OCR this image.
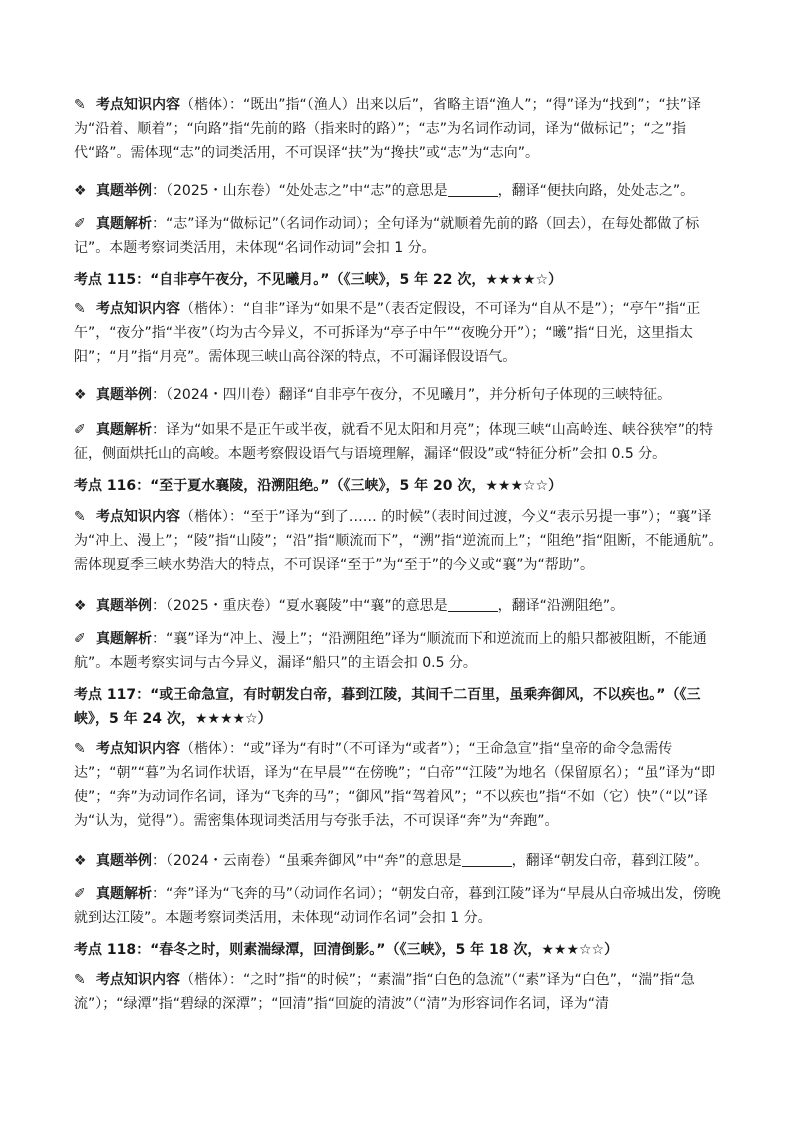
✎ 考点知识内容（楷体）：“既出”指“（渔人）出来以后”，省略主语“渔人”；“得”译为“找到”；“扶”译为“沿着、顺着”；“向路”指“先前的路（指来时的路）”；“志”为名词作动词，译为“做标记”；“之”指代“路”。需体现“志”的词类活用，不可误译“扶”为“搀扶”或“志”为“志向”。
❖ 真题举例：（2025・山东卷）“处处志之”中“志”的意思是	，翻译“便扶向路，处处志之”。
✐ 真题解析：“志”译为“做标记”（名词作动词）；全句译为“就顺着先前的路（回去），在每处都做了标记”。本题考察词类活用，未体现“名词作动词”会扣 1 分。
考点 115：“自非亭午夜分，不见曦月。”（《三峡》，5 年 22 次，★★★★☆）
✎ 考点知识内容（楷体）：“自非”译为“如果不是”（表否定假设，不可译为“自从不是”）；“亭午”指“正午”，“夜分”指“半夜”（均为古今异义，不可拆译为“亭子中午”“夜晚分开”）；“曦”指“日光，这里指太阳”；“月”指“月亮”。需体现三峡山高谷深的特点，不可漏译假设语气。
❖ 真题举例：（2024・四川卷）翻译“自非亭午夜分，不见曦月”，并分析句子体现的三峡特征。
✐ 真题解析：译为“如果不是正午或半夜，就看不见太阳和月亮”；体现三峡“山高岭连、峡谷狭窄”的特征，侧面烘托山的高峻。本题考察假设语气与语境理解，漏译“假设”或“特征分析”会扣 0.5 分。
考点 116：“至于夏水襄陵，沿溯阻绝。”（《三峡》，5 年 20 次，★★★☆☆）
✎ 考点知识内容（楷体）：“至于”译为“到了…… 的时候”（表时间过渡，今义“表示另提一事”）；“襄”译为“冲上、漫上”；“陵”指“山陵”；“沿”指“顺流而下”，“溯”指“逆流而上”；“阻绝”指“阻断，不能通航”。需体现夏季三峡水势浩大的特点，不可误译“至于”为“至于”的今义或“襄”为“帮助”。
❖ 真题举例：（2025・重庆卷）“夏水襄陵”中“襄”的意思是	，翻译“沿溯阻绝”。
✐ 真题解析：“襄”译为“冲上、漫上”；“沿溯阻绝”译为“顺流而下和逆流而上的船只都被阻断，不能通航”。本题考察实词与古今异义，漏译“船只”的主语会扣 0.5 分。
考点 117：“或王命急宣，有时朝发白帝，暮到江陵，其间千二百里，虽乘奔御风，不以疾也。”（《三峡》，5 年 24 次，★★★★☆）
✎ 考点知识内容（楷体）：“或”译为“有时”（不可译为“或者”）；“王命急宣”指“皇帝的命令急需传达”；“朝”“暮”为名词作状语，译为“在早晨”“在傍晚”；“白帝”“江陵”为地名（保留原名）；“虽”译为“即使”；“奔”为动词作名词，译为“飞奔的马”；“御风”指“驾着风”；“不以疾也”指“不如（它）快”（“以”译为“认为，觉得”）。需密集体现词类活用与夸张手法，不可误译“奔”为“奔跑”。
❖ 真题举例：（2024・云南卷）“虽乘奔御风”中“奔”的意思是	，翻译“朝发白帝，暮到江陵”。
✐ 真题解析：“奔”译为“飞奔的马”（动词作名词）；“朝发白帝，暮到江陵”译为“早晨从白帝城出发，傍晚就到达江陵”。本题考察词类活用，未体现“动词作名词”会扣 1 分。
考点 118：“春冬之时，则素湍绿潭，回清倒影。”（《三峡》，5 年 18 次，★★★☆☆）
✎ 考点知识内容（楷体）：“之时”指“的时候”；“素湍”指“白色的急流”（“素”译为“白色”，“湍”指“急流”）；“绿潭”指“碧绿的深潭”；“回清”指“回旋的清波”（“清”为形容词作名词，译为“清
